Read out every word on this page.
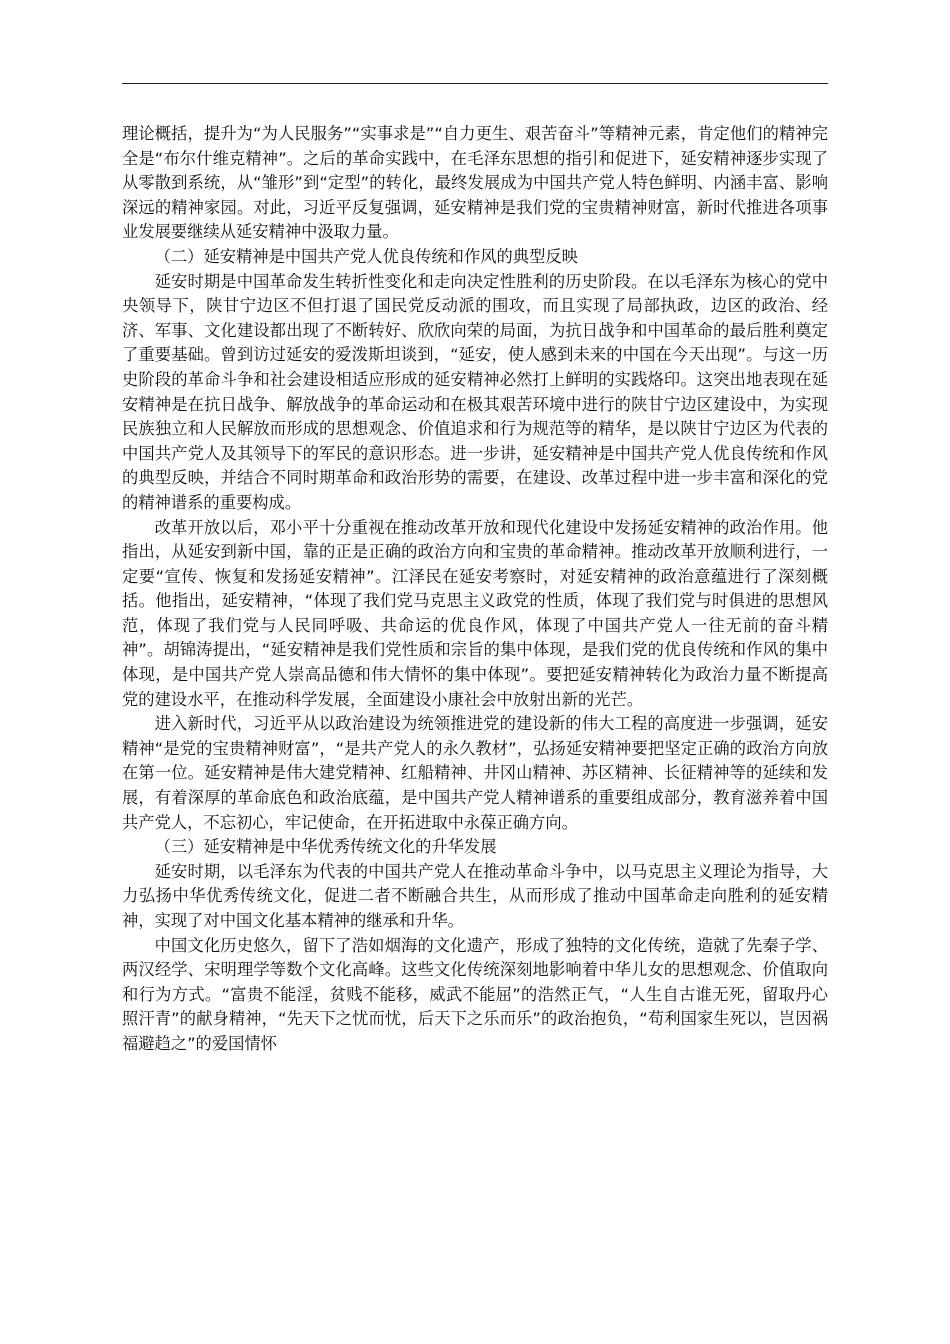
理论概括，提升为“为人民服务”“实事求是”“自力更生、艰苦奋斗”等精神元素，肯定他们的精神完全是“布尔什维克精神”。之后的革命实践中，在毛泽东思想的指引和促进下，延安精神逐步实现了从零散到系统，从“雏形”到“定型”的转化，最终发展成为中国共产党人特色鲜明、内涵丰富、影响深远的精神家园。对此，习近平反复强调，延安精神是我们党的宝贵精神财富，新时代推进各项事业发展要继续从延安精神中汲取力量。

（二）延安精神是中国共产党人优良传统和作风的典型反映

延安时期是中国革命发生转折性变化和走向决定性胜利的历史阶段。在以毛泽东为核心的党中央领导下，陕甘宁边区不但打退了国民党反动派的围攻，而且实现了局部执政，边区的政治、经济、军事、文化建设都出现了不断转好、欣欣向荣的局面，为抗日战争和中国革命的最后胜利奠定了重要基础。曾到访过延安的爱泼斯坦谈到，“延安，使人感到未来的中国在今天出现”。与这一历史阶段的革命斗争和社会建设相适应形成的延安精神必然打上鲜明的实践烙印。这突出地表现在延安精神是在抗日战争、解放战争的革命运动和在极其艰苦环境中进行的陕甘宁边区建设中，为实现民族独立和人民解放而形成的思想观念、价值追求和行为规范等的精华，是以陕甘宁边区为代表的中国共产党人及其领导下的军民的意识形态。进一步讲，延安精神是中国共产党人优良传统和作风的典型反映，并结合不同时期革命和政治形势的需要，在建设、改革过程中进一步丰富和深化的党的精神谱系的重要构成。

改革开放以后，邓小平十分重视在推动改革开放和现代化建设中发扬延安精神的政治作用。他指出，从延安到新中国，靠的正是正确的政治方向和宝贵的革命精神。推动改革开放顺利进行，一定要“宣传、恢复和发扬延安精神”。江泽民在延安考察时，对延安精神的政治意蕴进行了深刻概括。他指出，延安精神，“体现了我们党马克思主义政党的性质，体现了我们党与时俱进的思想风范，体现了我们党与人民同呼吸、共命运的优良作风，体现了中国共产党人一往无前的奋斗精神”。胡锦涛提出，“延安精神是我们党性质和宗旨的集中体现，是我们党的优良传统和作风的集中体现，是中国共产党人崇高品德和伟大情怀的集中体现”。要把延安精神转化为政治力量不断提高党的建设水平，在推动科学发展，全面建设小康社会中放射出新的光芒。

进入新时代，习近平从以政治建设为统领推进党的建设新的伟大工程的高度进一步强调，延安精神“是党的宝贵精神财富”，“是共产党人的永久教材”，弘扬延安精神要把坚定正确的政治方向放在第一位。延安精神是伟大建党精神、红船精神、井冈山精神、苏区精神、长征精神等的延续和发展，有着深厚的革命底色和政治底蕴，是中国共产党人精神谱系的重要组成部分，教育滋养着中国共产党人，不忘初心，牢记使命，在开拓进取中永葆正确方向。

（三）延安精神是中华优秀传统文化的升华发展

延安时期，以毛泽东为代表的中国共产党人在推动革命斗争中，以马克思主义理论为指导，大力弘扬中华优秀传统文化，促进二者不断融合共生，从而形成了推动中国革命走向胜利的延安精神，实现了对中国文化基本精神的继承和升华。

中国文化历史悠久，留下了浩如烟海的文化遗产，形成了独特的文化传统，造就了先秦子学、两汉经学、宋明理学等数个文化高峰。这些文化传统深刻地影响着中华儿女的思想观念、价值取向和行为方式。“富贵不能淫，贫贱不能移，威武不能屈”的浩然正气，“人生自古谁无死，留取丹心照汗青”的献身精神，“先天下之忧而忧，后天下之乐而乐”的政治抱负，“苟利国家生死以，岂因祸福避趋之”的爱国情怀
